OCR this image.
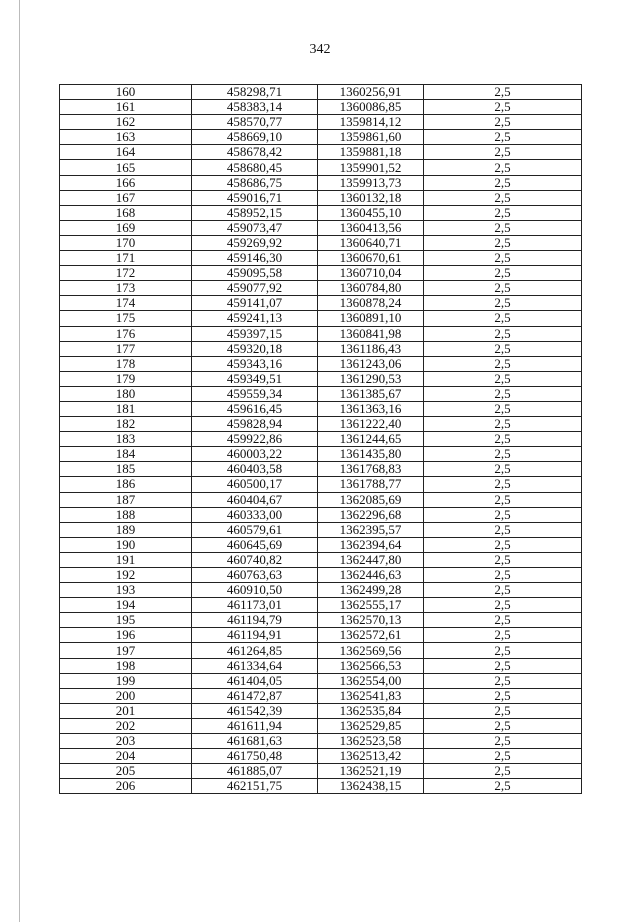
342
160	458298,71	1360256,91	2,5
161	458383,14	1360086,85	2,5
162	458570,77	1359814,12	2,5
163	458669,10	1359861,60	2,5
164	458678,42	1359881,18	2,5
165	458680,45	1359901,52	2,5
166	458686,75	1359913,73	2,5
167	459016,71	1360132,18	2,5
168	458952,15	1360455,10	2,5
169	459073,47	1360413,56	2,5
170	459269,92	1360640,71	2,5
171	459146,30	1360670,61	2,5
172	459095,58	1360710,04	2,5
173	459077,92	1360784,80	2,5
174	459141,07	1360878,24	2,5
175	459241,13	1360891,10	2,5
176	459397,15	1360841,98	2,5
177	459320,18	1361186,43	2,5
178	459343,16	1361243,06	2,5
179	459349,51	1361290,53	2,5
180	459559,34	1361385,67	2,5
181	459616,45	1361363,16	2,5
182	459828,94	1361222,40	2,5
183	459922,86	1361244,65	2,5
184	460003,22	1361435,80	2,5
185	460403,58	1361768,83	2,5
186	460500,17	1361788,77	2,5
187	460404,67	1362085,69	2,5
188	460333,00	1362296,68	2,5
189	460579,61	1362395,57	2,5
190	460645,69	1362394,64	2,5
191	460740,82	1362447,80	2,5
192	460763,63	1362446,63	2,5
193	460910,50	1362499,28	2,5
194	461173,01	1362555,17	2,5
195	461194,79	1362570,13	2,5
196	461194,91	1362572,61	2,5
197	461264,85	1362569,56	2,5
198	461334,64	1362566,53	2,5
199	461404,05	1362554,00	2,5
200	461472,87	1362541,83	2,5
201	461542,39	1362535,84	2,5
202	461611,94	1362529,85	2,5
203	461681,63	1362523,58	2,5
204	461750,48	1362513,42	2,5
205	461885,07	1362521,19	2,5
206	462151,75	1362438,15	2,5
